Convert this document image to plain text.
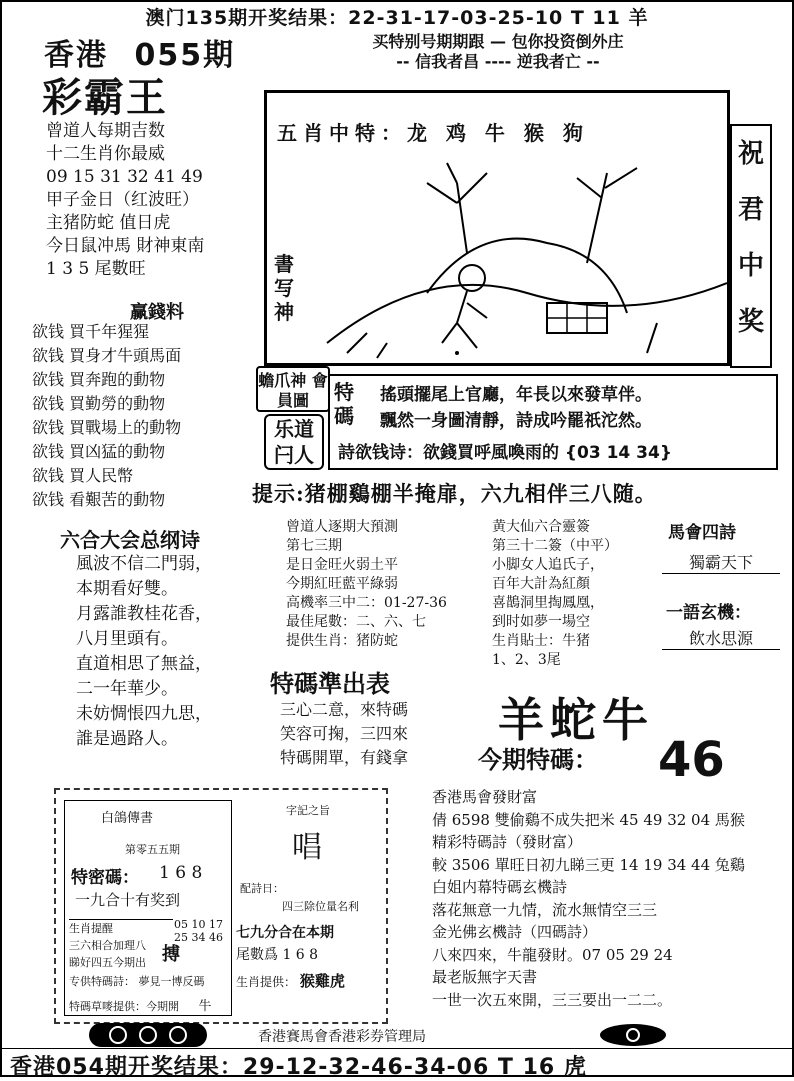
澳门135期开奖结果：22-31-17-03-25-10 T 11 羊
香港 055期
彩霸王
买特别号期期跟 — 包你投资倒外庄
-- 信我者昌 ---- 逆我者亡 --
曾道人每期吉数
十二生肖你最威
09 15 31 32 41 49
甲子金日（红波旺）
主猪防蛇 值日虎
今日鼠冲馬 財神東南
1 3 5 尾數旺
赢錢料
欲钱 買千年猩猩
欲钱 買身才牛頭馬面
欲钱 買奔跑的動物
欲钱 買勤勞的動物
欲钱 買戰場上的動物
欲钱 買凶猛的動物
欲钱 買人民幣
欲钱 看艱苦的動物
五肖中特：龙 鸡 牛 猴 狗
書写神
祝
君
中
奖
蟾爪神 會員圖
乐道
闩人
特碼
搖頭擺尾上官廳，年長以來發草伴。
飄然一身圖清靜，詩成吟罷祇沱然。
詩欲钱诗：欲錢買呼風喚雨的 {03 14 34}
提示:猪棚鷄棚半掩扉，六九相伴三八随。
六合大会总纲诗
風波不信二門弱，
本期看好雙。
月露誰教桂花香，
八月里頭有。
直道相思了無益，
二一年華少。
未妨惆悵四九思，
誰是過路人。
曾道人逐期大預測
第七三期
是日金旺火弱土平
今期紅旺藍平綠弱
高機率三中二：01-27-36
最佳尾數：二、六、七
提供生肖：猪防蛇
黄大仙六合靈簽
第三十二簽（中平）
小脚女人追氏子，
百年大計為紅顏
喜鵲洞里掏鳳凰，
到时如夢一場空
生肖貼士：牛猪
1、2、3尾
馬會四詩
獨霸天下
一語玄機：
飲水思源
特碼準出表
三心二意，來特碼
笑容可掬，三四來
特碼開單，有錢拿
羊蛇牛
今期特碼： 46
白鴿傳書
第零五五期
特密碼： 1 6 8
一九合十有奖到
生肖提醒
三六相合加理八
睇好四五今期出
专供特碼詩： 夢見一博反碼
特碼草嘜提供：今期開 牛
05 10 17 25 34 46
搏
字記之旨
唱
配詩日：
四三除位量名利
七九分合在本期
尾數爲 1 6 8
生肖提供： 猴雞虎
香港馬會發財富
倩 6598 雙偷鷄不成失把米 45 49 32 04 馬猴
精彩特碼詩（發財富）
較 3506 單旺日初九睇三更 14 19 34 44 兔鷄
白姐内幕特碼玄機詩
落花無意一九情，流水無情空三三
金光佛玄機詩（四碼詩）
八來四來，牛龍發財。07 05 29 24
最老版無字天書
一世一次五來開，三三要出一二二。
香港賽馬會香港彩券管理局
香港054期开奖结果：29-12-32-46-34-06 T 16 虎
